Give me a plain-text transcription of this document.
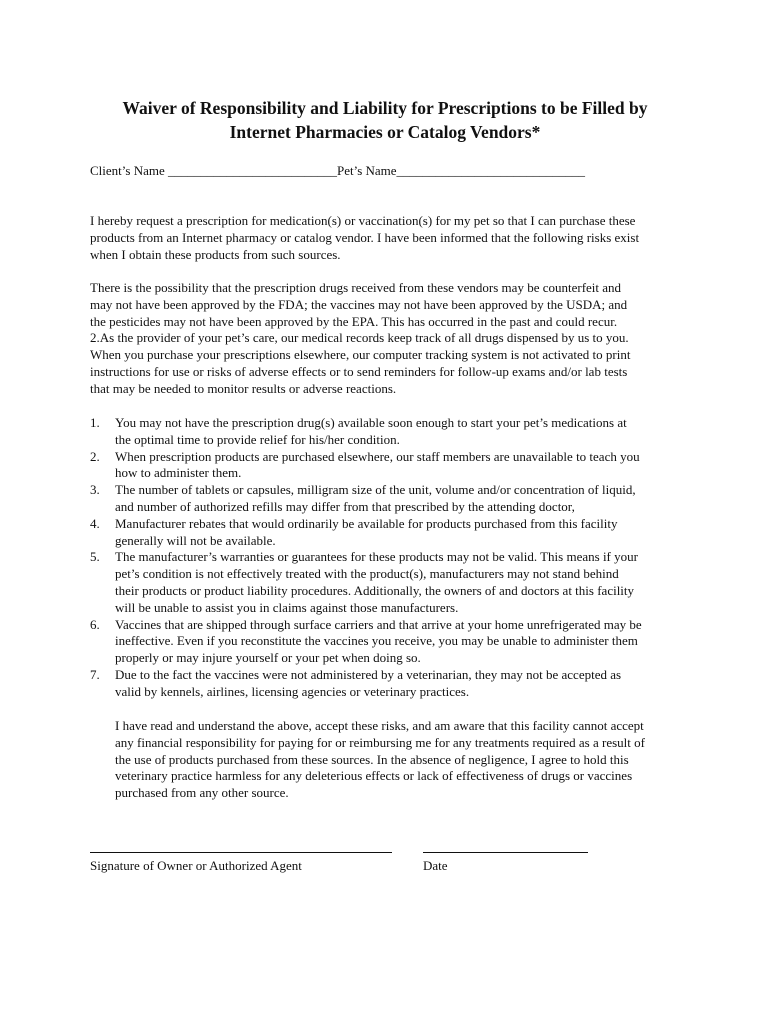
Waiver of Responsibility and Liability for Prescriptions to be Filled by
Internet Pharmacies or Catalog Vendors*
Client’s Name __________________________Pet’s Name_____________________________
I hereby request a prescription for medication(s) or vaccination(s) for my pet so that I can purchase these
products from an Internet pharmacy or catalog vendor. I have been informed that the following risks exist
when I obtain these products from such sources.
There is the possibility that the prescription drugs received from these vendors may be counterfeit and
may not have been approved by the FDA; the vaccines may not have been approved by the USDA; and
the pesticides may not have been approved by the EPA. This has occurred in the past and could recur.
2.As the provider of your pet’s care, our medical records keep track of all drugs dispensed by us to you.
When you purchase your prescriptions elsewhere, our computer tracking system is not activated to print
instructions for use or risks of adverse effects or to send reminders for follow-up exams and/or lab tests
that may be needed to monitor results or adverse reactions.
1. You may not have the prescription drug(s) available soon enough to start your pet’s medications at
the optimal time to provide relief for his/her condition.
2. When prescription products are purchased elsewhere, our staff members are unavailable to teach you
how to administer them.
3. The number of tablets or capsules, milligram size of the unit, volume and/or concentration of liquid,
and number of authorized refills may differ from that prescribed by the attending doctor,
4. Manufacturer rebates that would ordinarily be available for products purchased from this facility
generally will not be available.
5. The manufacturer’s warranties or guarantees for these products may not be valid. This means if your
pet’s condition is not effectively treated with the product(s), manufacturers may not stand behind
their products or product liability procedures. Additionally, the owners of and doctors at this facility
will be unable to assist you in claims against those manufacturers.
6. Vaccines that are shipped through surface carriers and that arrive at your home unrefrigerated may be
ineffective. Even if you reconstitute the vaccines you receive, you may be unable to administer them
properly or may injure yourself or your pet when doing so.
7. Due to the fact the vaccines were not administered by a veterinarian, they may not be accepted as
valid by kennels, airlines, licensing agencies or veterinary practices.
I have read and understand the above, accept these risks, and am aware that this facility cannot accept
any financial responsibility for paying for or reimbursing me for any treatments required as a result of
the use of products purchased from these sources. In the absence of negligence, I agree to hold this
veterinary practice harmless for any deleterious effects or lack of effectiveness of drugs or vaccines
purchased from any other source.
Signature of Owner or Authorized Agent	Date
